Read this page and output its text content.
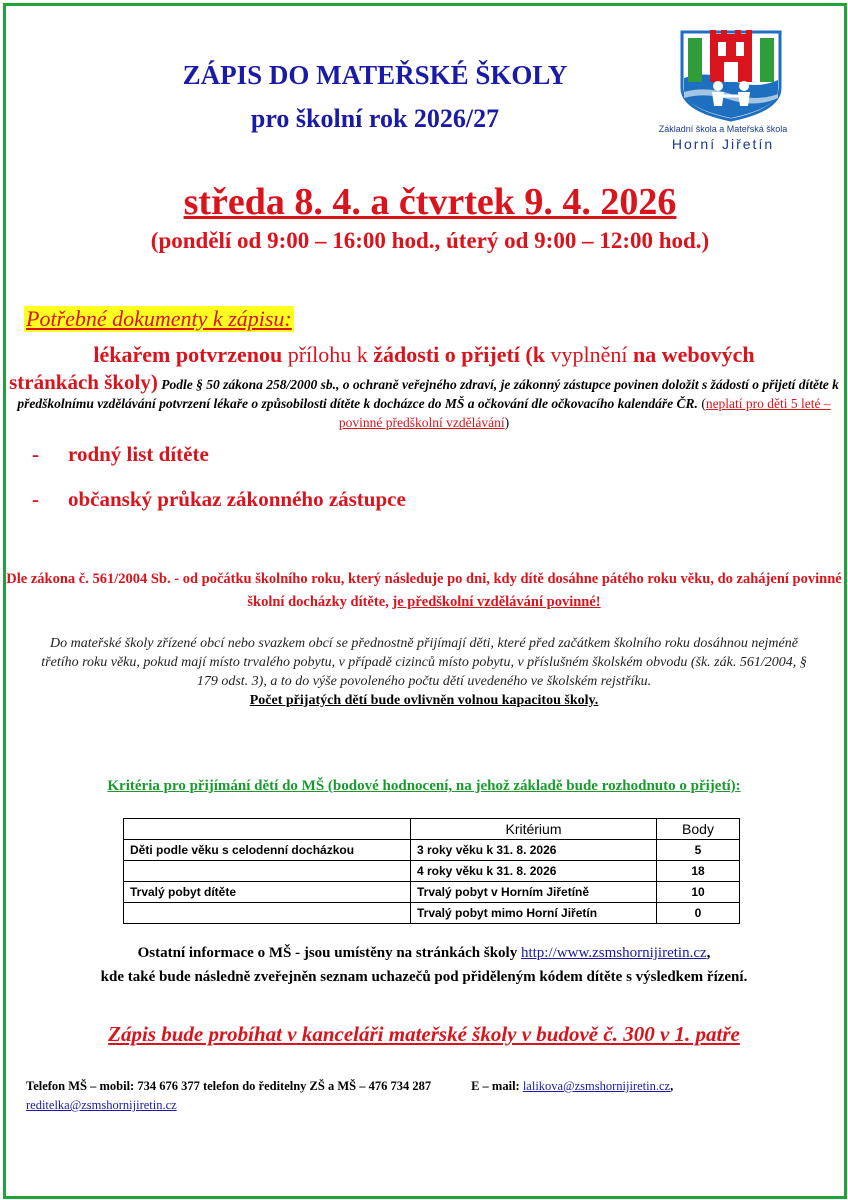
ZÁPIS DO MATEŘSKÉ ŠKOLY
pro školní rok 2026/27	Základní škola a Mateřská škola
Horní Jiřetín
středa 8. 4. a čtvrtek 9. 4. 2026
(pondělí od 9:00 – 16:00 hod., úterý od 9:00 – 12:00 hod.)
Potřebné dokumenty k zápisu:
lékařem potvrzenou přílohu k žádosti o přijetí (k vyplnění na webových
stránkách školy) Podle § 50 zákona 258/2000 sb., o ochraně veřejného zdraví, je zákonný zástupce povinen doložit s žádostí o přijetí dítěte k předškolnímu vzdělávání potvrzení lékaře o způsobilosti dítěte k docházce do MŠ a očkování dle očkovacího kalendáře ČR. (neplatí pro děti 5 leté – povinné předškolní vzdělávání)
- rodný list dítěte
- občanský průkaz zákonného zástupce
Dle zákona č. 561/2004 Sb. - od počátku školního roku, který následuje po dni, kdy dítě dosáhne pátého roku věku, do zahájení povinné školní docházky dítěte, je předškolní vzdělávání povinné!
Do mateřské školy zřízené obcí nebo svazkem obcí se přednostně přijímají děti, které před začátkem školního roku dosáhnou nejméně třetího roku věku, pokud mají místo trvalého pobytu, v případě cizinců místo pobytu, v příslušném školském obvodu (šk. zák. 561/2004, § 179 odst. 3), a to do výše povoleného počtu dětí uvedeného ve školském rejstříku.
Počet přijatých dětí bude ovlivněn volnou kapacitou školy.
Kritéria pro přijímání dětí do MŠ (bodové hodnocení, na jehož základě bude rozhodnuto o přijetí):
	Kritérium	Body
Děti podle věku s celodenní docházkou	3 roky věku k 31. 8. 2026	5
	4 roky věku k 31. 8. 2026	18
Trvalý pobyt dítěte	Trvalý pobyt v Horním Jiřetíně	10
	Trvalý pobyt mimo Horní Jiřetín	0
Ostatní informace o MŠ - jsou umístěny na stránkách školy http://www.zsmshornijiretin.cz,
kde také bude následně zveřejněn seznam uchazečů pod přiděleným kódem dítěte s výsledkem řízení.
Zápis bude probíhat v kanceláři mateřské školy v budově č. 300 v 1. patře
Telefon MŠ – mobil: 734 676 377 telefon do ředitelny ZŠ a MŠ – 476 734 287	E – mail: lalikova@zsmshornijiretin.cz,
reditelka@zsmshornijiretin.cz
